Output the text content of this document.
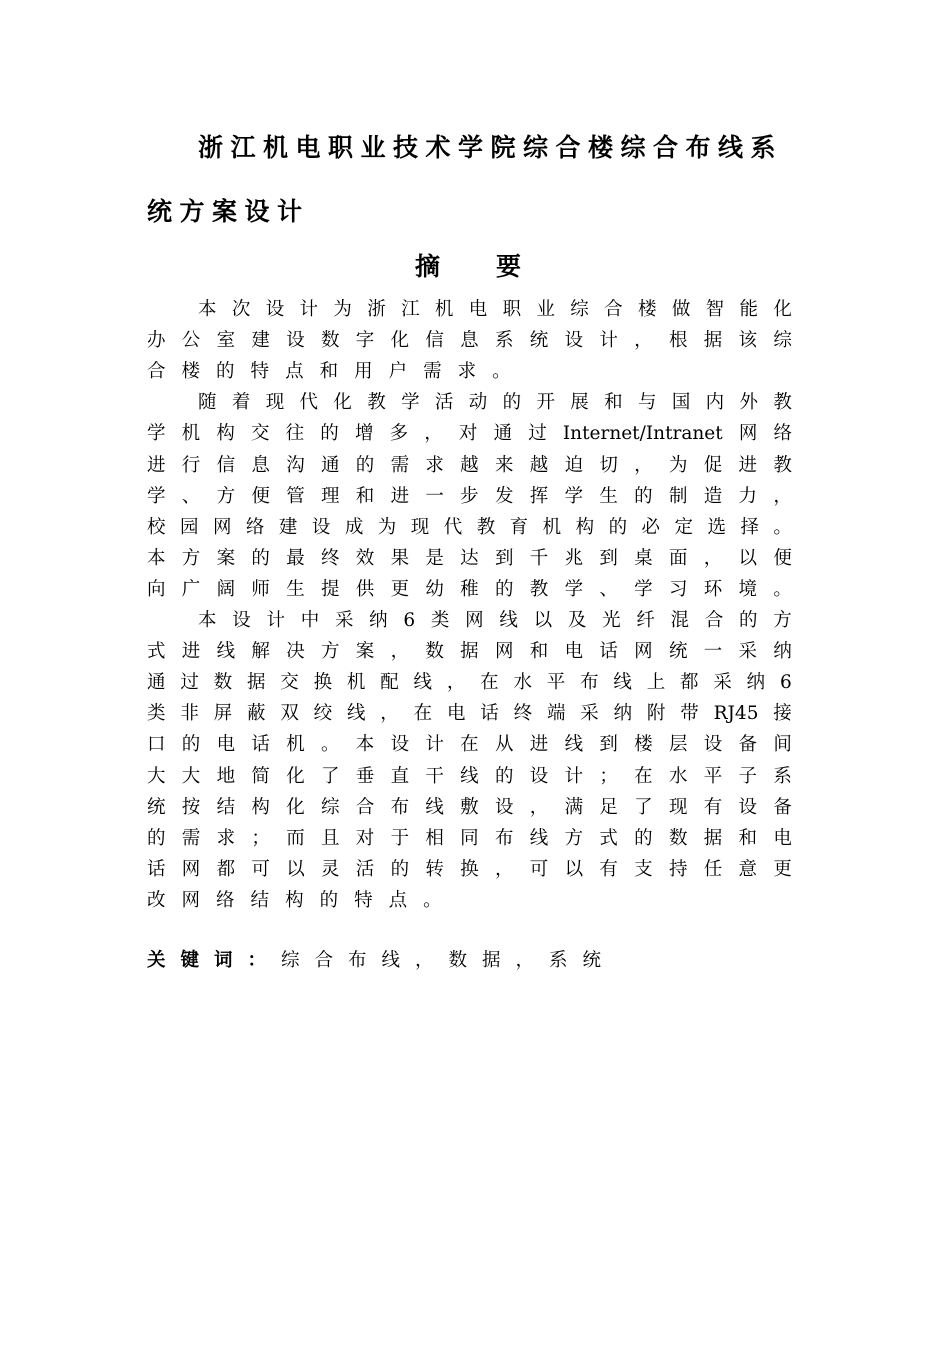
浙江机电职业技术学院综合楼综合布线系
统方案设计
摘要
本 次 设 计 为 浙 江 机 电 职 业 综 合 楼 做 智 能 化
办 公 室 建 设 数 字 化 信 息 系 统 设 计 ， 根 据 该 综
合 楼 的 特 点 和 用 户 需 求 。
随 着 现 代 化 教 学 活 动 的 开 展 和 与 国 内 外 教
学 机 构 交 往 的 增 多 ， 对 通 过 Internet/Intranet 网 络
进 行 信 息 沟 通 的 需 求 越 来 越 迫 切 ， 为 促 进 教
学 、 方 便 管 理 和 进 一 步 发 挥 学 生 的 制 造 力 ，
校 园 网 络 建 设 成 为 现 代 教 育 机 构 的 必 定 选 择 。
本 方 案 的 最 终 效 果 是 达 到 千 兆 到 桌 面 ， 以 便
向 广 阔 师 生 提 供 更 幼 稚 的 教 学 、 学 习 环 境 。
本 设 计 中 采 纳 6 类 网 线 以 及 光 纤 混 合 的 方
式 进 线 解 决 方 案 ， 数 据 网 和 电 话 网 统 一 采 纳
通 过 数 据 交 换 机 配 线 ， 在 水 平 布 线 上 都 采 纳 6
类 非 屏 蔽 双 绞 线 ， 在 电 话 终 端 采 纳 附 带 RJ45 接
口 的 电 话 机 。 本 设 计 在 从 进 线 到 楼 层 设 备 间
大 大 地 简 化 了 垂 直 干 线 的 设 计 ； 在 水 平 子 系
统 按 结 构 化 综 合 布 线 敷 设 ， 满 足 了 现 有 设 备
的 需 求 ； 而 且 对 于 相 同 布 线 方 式 的 数 据 和 电
话 网 都 可 以 灵 活 的 转 换 ， 可 以 有 支 持 任 意 更
改 网 络 结 构 的 特 点 。
关键词：综合布线，数据，系统
